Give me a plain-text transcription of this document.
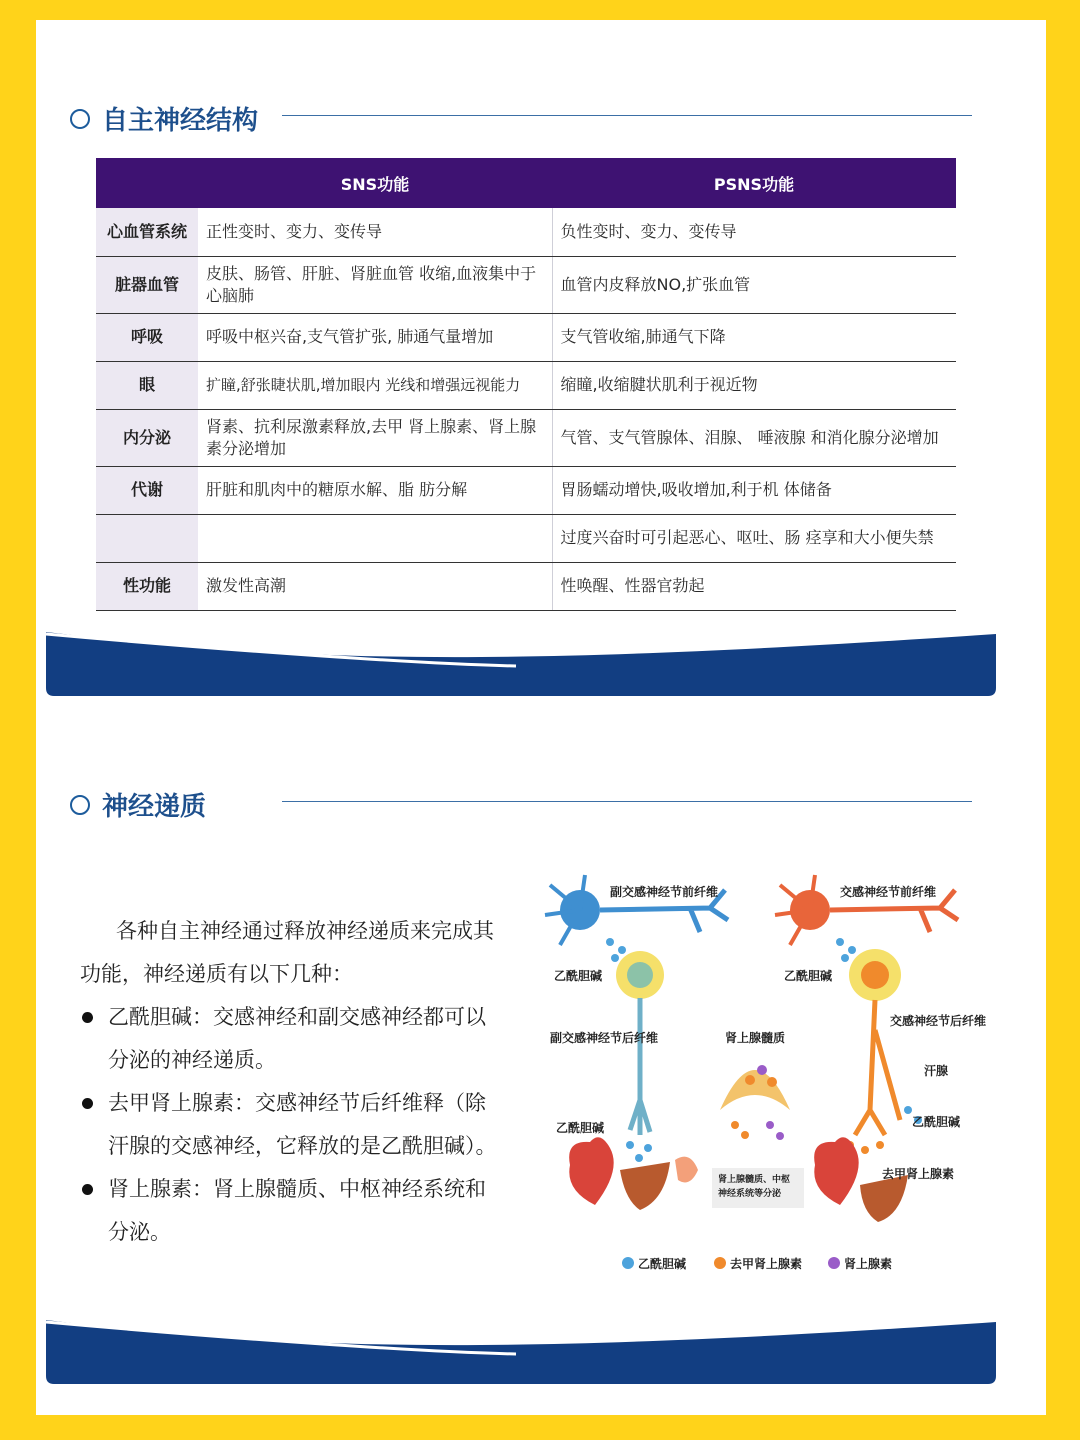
自主神经结构
	SNS功能	PSNS功能
心血管系统	正性变时、变力、变传导	负性变时、变力、变传导
脏器血管	皮肤、肠管、肝脏、肾脏血管 收缩,血液集中于心脑肺	血管内皮释放NO,扩张血管
呼吸	呼吸中枢兴奋,支气管扩张, 肺通气量增加	支气管收缩,肺通气下降
眼	扩瞳,舒张睫状肌,增加眼内 光线和增强远视能力	缩瞳,收缩腱状肌利于视近物
内分泌	肾素、抗利尿激素释放,去甲 肾上腺素、肾上腺素分泌增加	气管、支气管腺体、泪腺、 唾液腺 和消化腺分泌增加
代谢	肝脏和肌肉中的糖原水解、脂 肪分解	胃肠蠕动增快,吸收增加,利于机 体储备
		过度兴奋时可引起恶心、呕吐、肠 痉享和大小便失禁
性功能	激发性高潮	性唤醒、性器官勃起
神经递质

各种自主神经通过释放神经递质来完成其功能，神经递质有以下几种：

乙酰胆碱：交感神经和副交感神经都可以分泌的神经递质。
去甲肾上腺素：交感神经节后纤维释（除汗腺的交感神经，它释放的是乙酰胆碱）。
肾上腺素：肾上腺髓质、中枢神经系统和分泌。
副交感神经节前纤维	交感神经节前纤维
乙酰胆碱	乙酰胆碱
副交感神经节后纤维	肾上腺髓质
交感神经节后纤维
汗腺
乙酰胆碱	乙酰胆碱
去甲肾上腺素
肾上腺髓质、中枢神经系统等分泌
乙酰胆碱	去甲肾上腺素	肾上腺素
